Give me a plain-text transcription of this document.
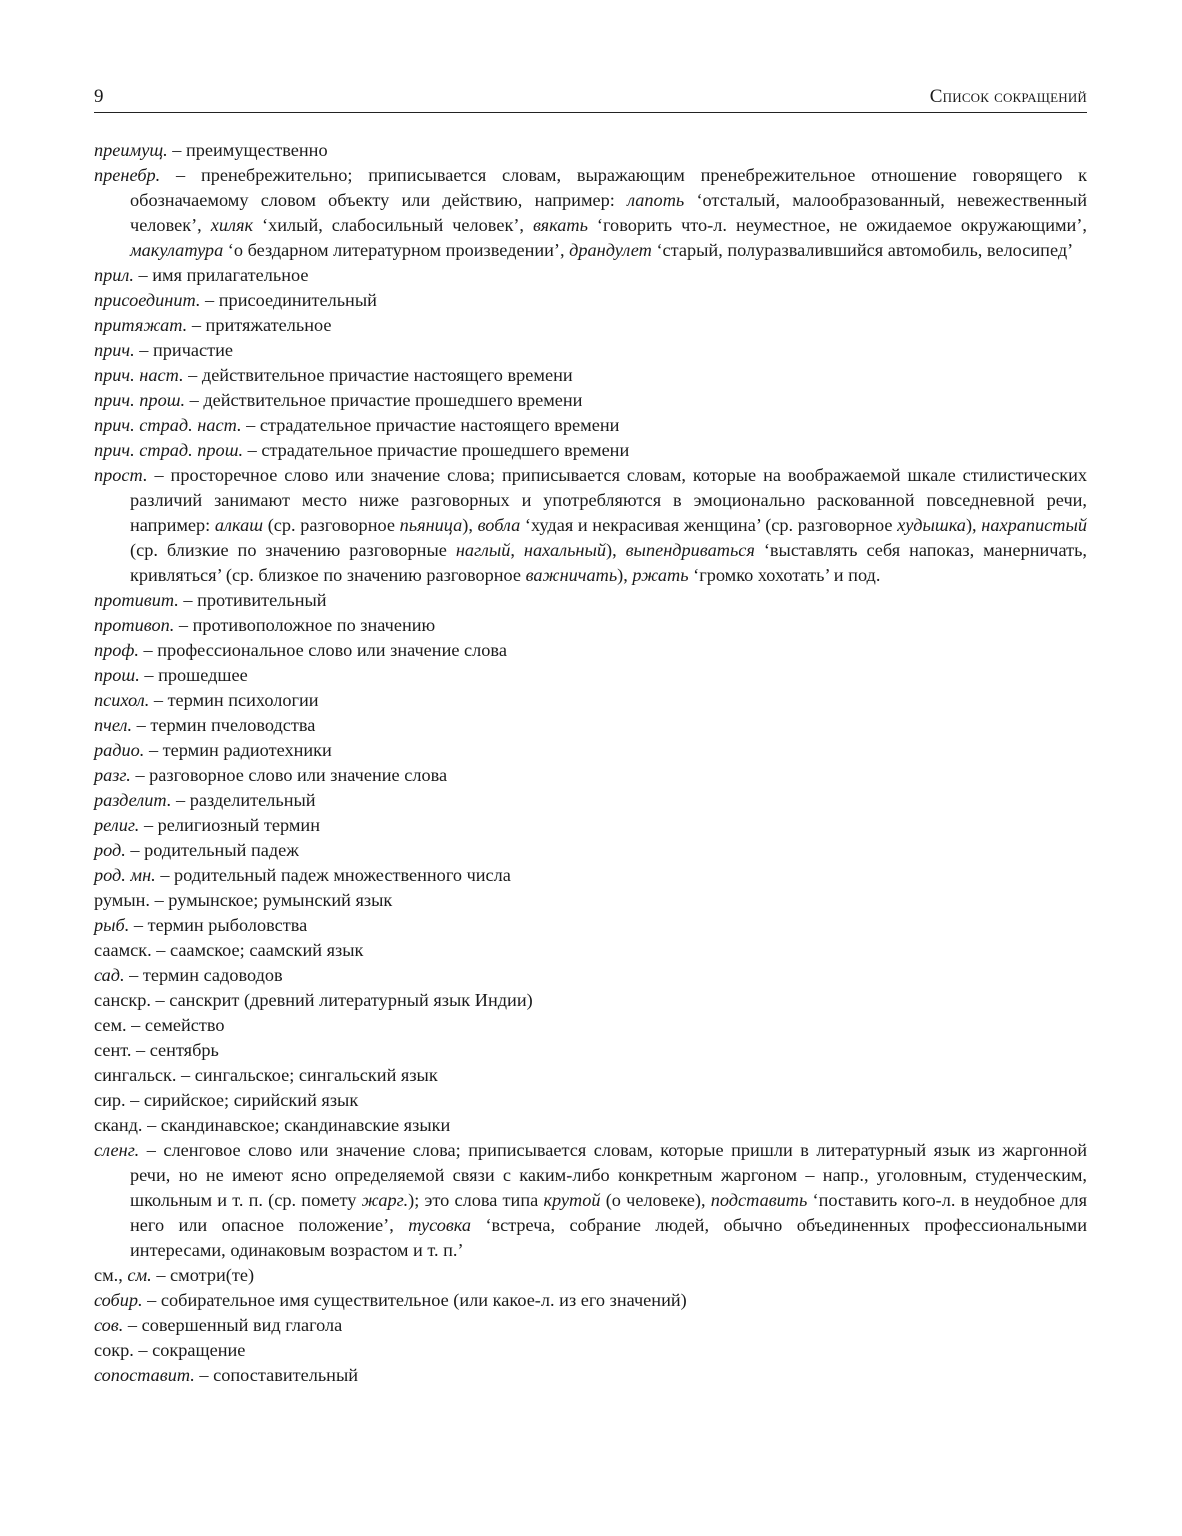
9	Список сокращений

преимущ. – преимущественно

пренебр. – пренебрежительно; приписывается словам, выражающим пренебрежительное отношение говорящего к обозначаемому словом объекту или действию, например: лапоть ‘отсталый, малообразованный, невежественный человек’, хиляк ‘хилый, слабосильный человек’, вякать ‘говорить что-л. неуместное, не ожидаемое окружающими’, макулатура ‘о бездарном литературном произведении’, драндулет ‘старый, полуразвалившийся автомобиль, велосипед’

прил. – имя прилагательное

присоединит. – присоединительный

притяжат. – притяжательное

прич. – причастие

прич. наст. – действительное причастие настоящего времени

прич. прош. – действительное причастие прошедшего времени

прич. страд. наст. – страдательное причастие настоящего времени

прич. страд. прош. – страдательное причастие прошедшего времени

прост. – просторечное слово или значение слова; приписывается словам, которые на воображаемой шкале стилистических различий занимают место ниже разговорных и употребляются в эмоционально раскованной повседневной речи, например: алкаш (ср. разговорное пьяница), вобла ‘худая и некрасивая женщина’ (ср. разговорное худышка), нахрапистый (ср. близкие по значению разговорные наглый, нахальный), выпендриваться ‘выставлять себя напоказ, манерничать, кривляться’ (ср. близкое по значению разговорное важничать), ржать ‘громко хохотать’ и под.

противит. – противительный

противоп. – противоположное по значению

проф. – профессиональное слово или значение слова

прош. – прошедшее

психол. – термин психологии

пчел. – термин пчеловодства

радио. – термин радиотехники

разг. – разговорное слово или значение слова

разделит. – разделительный

религ. – религиозный термин

род. – родительный падеж

род. мн. – родительный падеж множественного числа

румын. – румынское; румынский язык

рыб. – термин рыболовства

саамск. – саамское; саамский язык

сад. – термин садоводов

санскр. – санскрит (древний литературный язык Индии)

сем. – семейство

сент. – сентябрь

сингальск. – сингальское; сингальский язык

сир. – сирийское; сирийский язык

сканд. – скандинавское; скандинавские языки

сленг. – сленговое слово или значение слова; приписывается словам, которые пришли в литературный язык из жаргонной речи, но не имеют ясно определяемой связи с каким-либо конкретным жаргоном – напр., уголовным, студенческим, школьным и т. п. (ср. помету жарг.); это слова типа крутой (о человеке), подставить ‘поставить кого-л. в неудобное для него или опасное положение’, тусовка ‘встреча, собрание людей, обычно объединенных профессиональными интересами, одинаковым возрастом и т. п.’

см., см. – смотри(те)

собир. – собирательное имя существительное (или какое-л. из его значений)

сов. – совершенный вид глагола

сокр. – сокращение

сопоставит. – сопоставительный
